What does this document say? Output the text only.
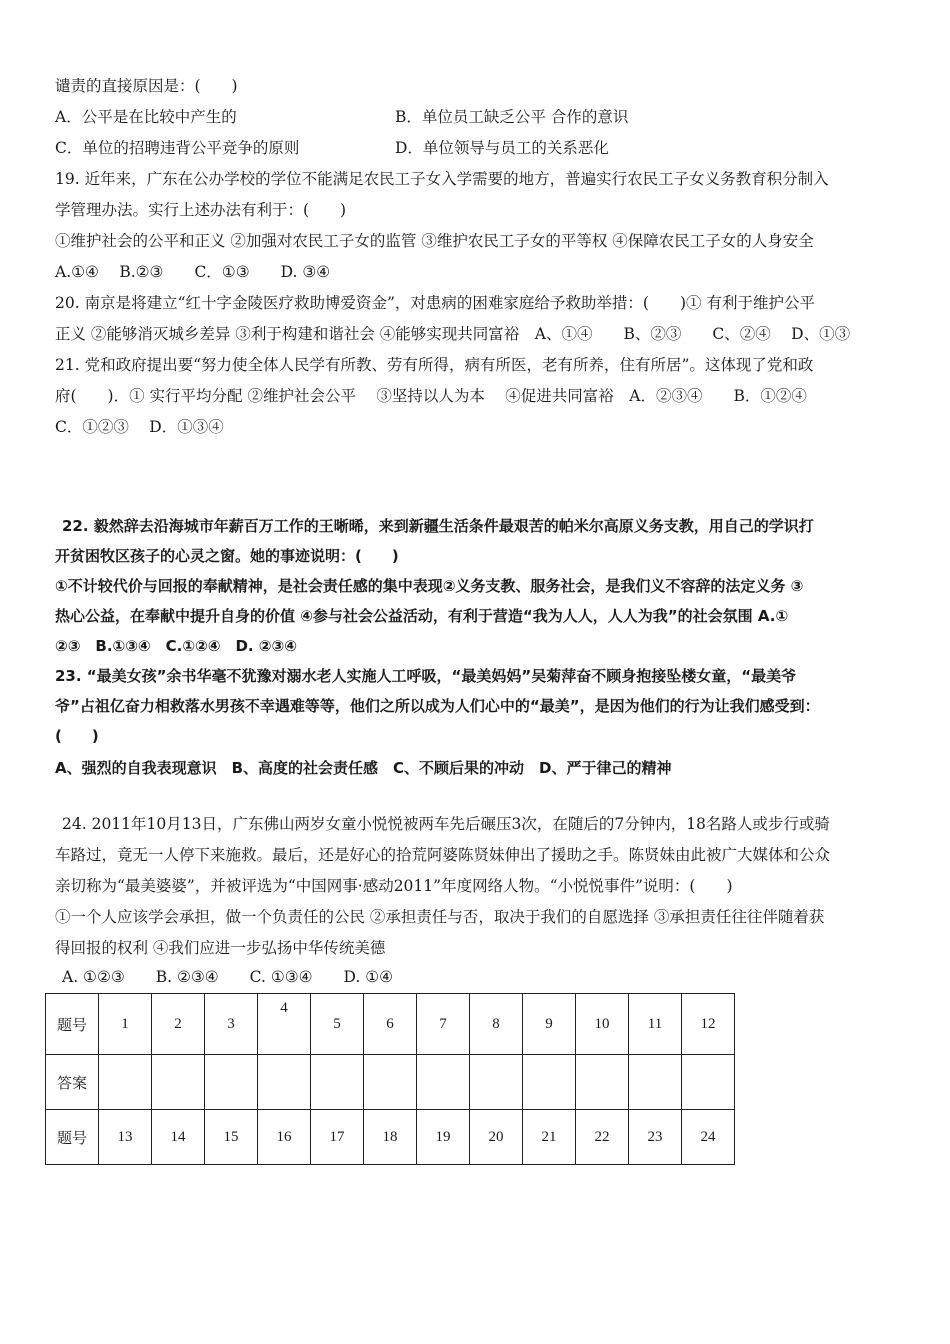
谴责的直接原因是：(　　)
A．公平是在比较中产生的	B．单位员工缺乏公平 合作的意识
C．单位的招聘违背公平竞争的原则	D．单位领导与员工的关系恶化
19. 近年来，广东在公办学校的学位不能满足农民工子女入学需要的地方，普遍实行农民工子女义务教育积分制入
学管理办法。实行上述办法有利于：(　　)
①维护社会的公平和正义 ②加强对农民工子女的监管 ③维护农民工子女的平等权 ④保障农民工子女的人身安全
A.①④　 B.②③　　C．①③　　D. ③④
20. 南京是将建立“红十字金陵医疗救助博爱资金”，对患病的困难家庭给予救助举措：(　　)① 有利于维护公平
正义 ②能够消灭城乡差异 ③利于构建和谐社会 ④能够实现共同富裕　A、①④　　B、②③　　C、②④　 D、①③
21. 党和政府提出要“努力使全体人民学有所教、劳有所得，病有所医，老有所养，住有所居”。这体现了党和政
府(　　)．① 实行平均分配 ②维护社会公平　 ③坚持以人为本　 ④促进共同富裕　A．②③④　　B．①②④
C．①②③　 D．①③④
22. 毅然辞去沿海城市年薪百万工作的王晰晞，来到新疆生活条件最艰苦的帕米尔高原义务支教，用自己的学识打
开贫困牧区孩子的心灵之窗。她的事迹说明：(　　)
①不计较代价与回报的奉献精神，是社会责任感的集中表现②义务支教、服务社会，是我们义不容辞的法定义务 ③
热心公益，在奉献中提升自身的价值 ④参与社会公益活动，有利于营造“我为人人，人人为我”的社会氛围 A.①
②③　B.①③④　C.①②④　D. ②③④
23. “最美女孩”余书华毫不犹豫对溺水老人实施人工呼吸，“最美妈妈”吴菊萍奋不顾身抱接坠楼女童，“最美爷
爷”占祖亿奋力相救落水男孩不幸遇难等等，他们之所以成为人们心中的“最美”，是因为他们的行为让我们感受到：
(　　)
A、强烈的自我表现意识　B、高度的社会责任感　C、不顾后果的冲动　D、严于律己的精神
24. 2011年10月13日，广东佛山两岁女童小悦悦被两车先后碾压3次，在随后的7分钟内，18名路人或步行或骑
车路过，竟无一人停下来施救。最后，还是好心的拾荒阿婆陈贤妹伸出了援助之手。陈贤妹由此被广大媒体和公众
亲切称为“最美婆婆”，并被评选为“中国网事·感动2011”年度网络人物。“小悦悦事件”说明：(　　)
①一个人应该学会承担，做一个负责任的公民 ②承担责任与否，取决于我们的自愿选择 ③承担责任往往伴随着获
得回报的权利 ④我们应进一步弘扬中华传统美德
A. ①②③　　B. ②③④　　C. ①③④　　D. ①④
题号	1	2	3	4	5	6	7	8	9	10	11	12
答案												
题号	13	14	15	16	17	18	19	20	21	22	23	24
